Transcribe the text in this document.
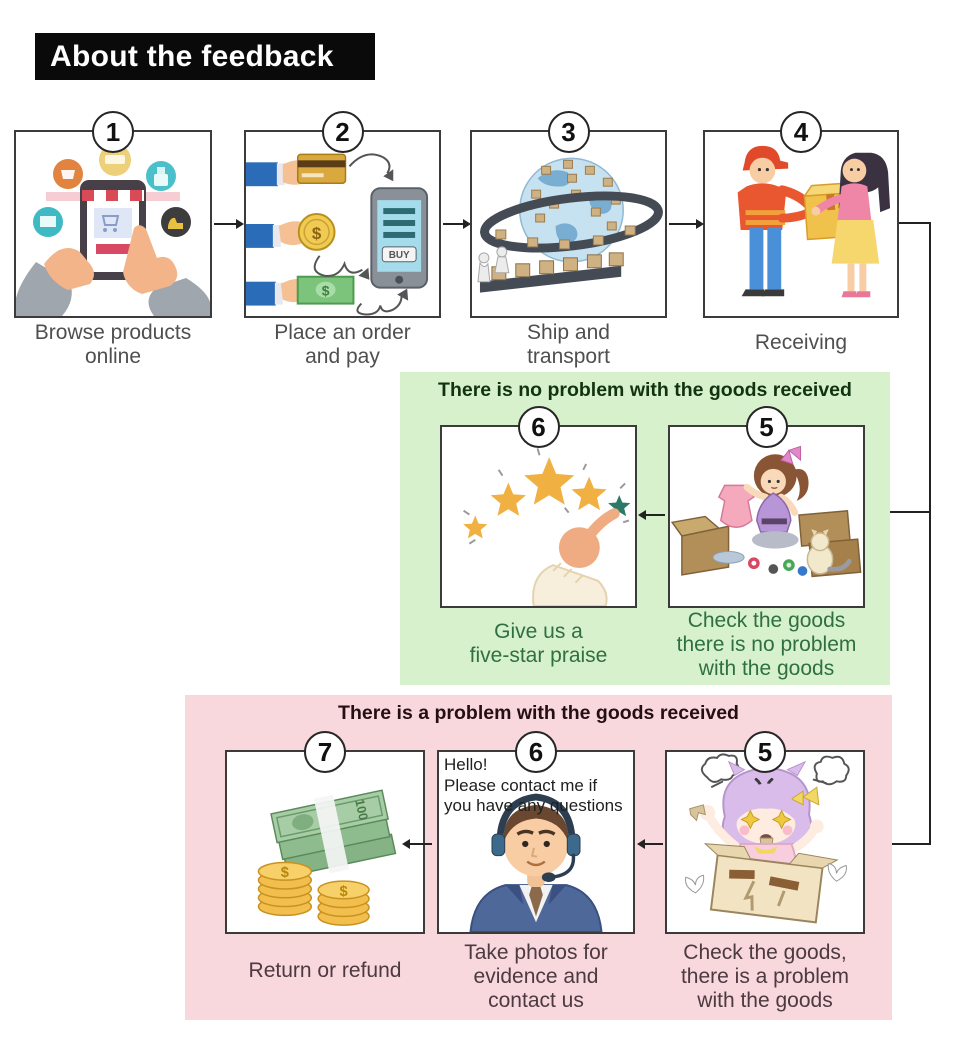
About the feedback
1	2
$
$
BUY
3	4
Browse products
online
Place an order
and pay
Ship and
transport
Receiving
There is no problem with the goods received
6	5
Give us a
five-star praise
Check the goods
there is no problem
with the goods
There is a problem with the goods received
7
100
$
$
6
Hello!
Please contact me if
you have any questions
5
Return or refund
Take photos for
evidence and
contact us
Check the goods,
there is a problem
with the goods
